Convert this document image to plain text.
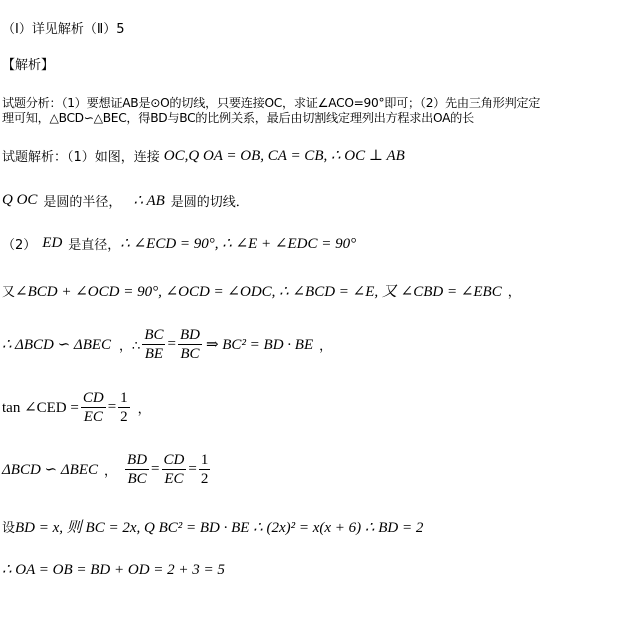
（Ⅰ）详见解析（Ⅱ）5
【解析】
试题分析：（1）要想证AB是⊙O的切线，只要连接OC，求证∠ACO=90°即可；（2）先由三角形判定定
理可知，△BCD∽△BEC，得BD与BC的比例关系，最后由切割线定理列出方程求出OA的长
试题解析：（1）如图，连接 OC,Q OA = OB, CA = CB, ∴ OC ⊥ AB
Q OC 是圆的半径， ∴ AB 是圆的切线．
（2） ED 是直径， ∴ ∠ECD = 90°, ∴ ∠E + ∠EDC = 90°
又 ∠BCD + ∠OCD = 90°, ∠OCD = ∠ODC, ∴ ∠BCD = ∠E, 又 ∠CBD = ∠EBC ，
∴ ΔBCD ∽ ΔBEC ，∴ $\frac{BC}{BE} = \frac{BD}{BC}$ ⇒ BC² = BD · BE ，
tan ∠CED = $\frac{CD}{EC} = \frac{1}{2}$ ，
ΔBCD ∽ ΔBEC ， $\frac{BD}{BC} = \frac{CD}{EC} = \frac{1}{2}$
设 BD = x, 则 BC = 2x, Q BC² = BD · BE ∴ (2x)² = x(x + 6) ∴ BD = 2
∴ OA = OB = BD + OD = 2 + 3 = 5
